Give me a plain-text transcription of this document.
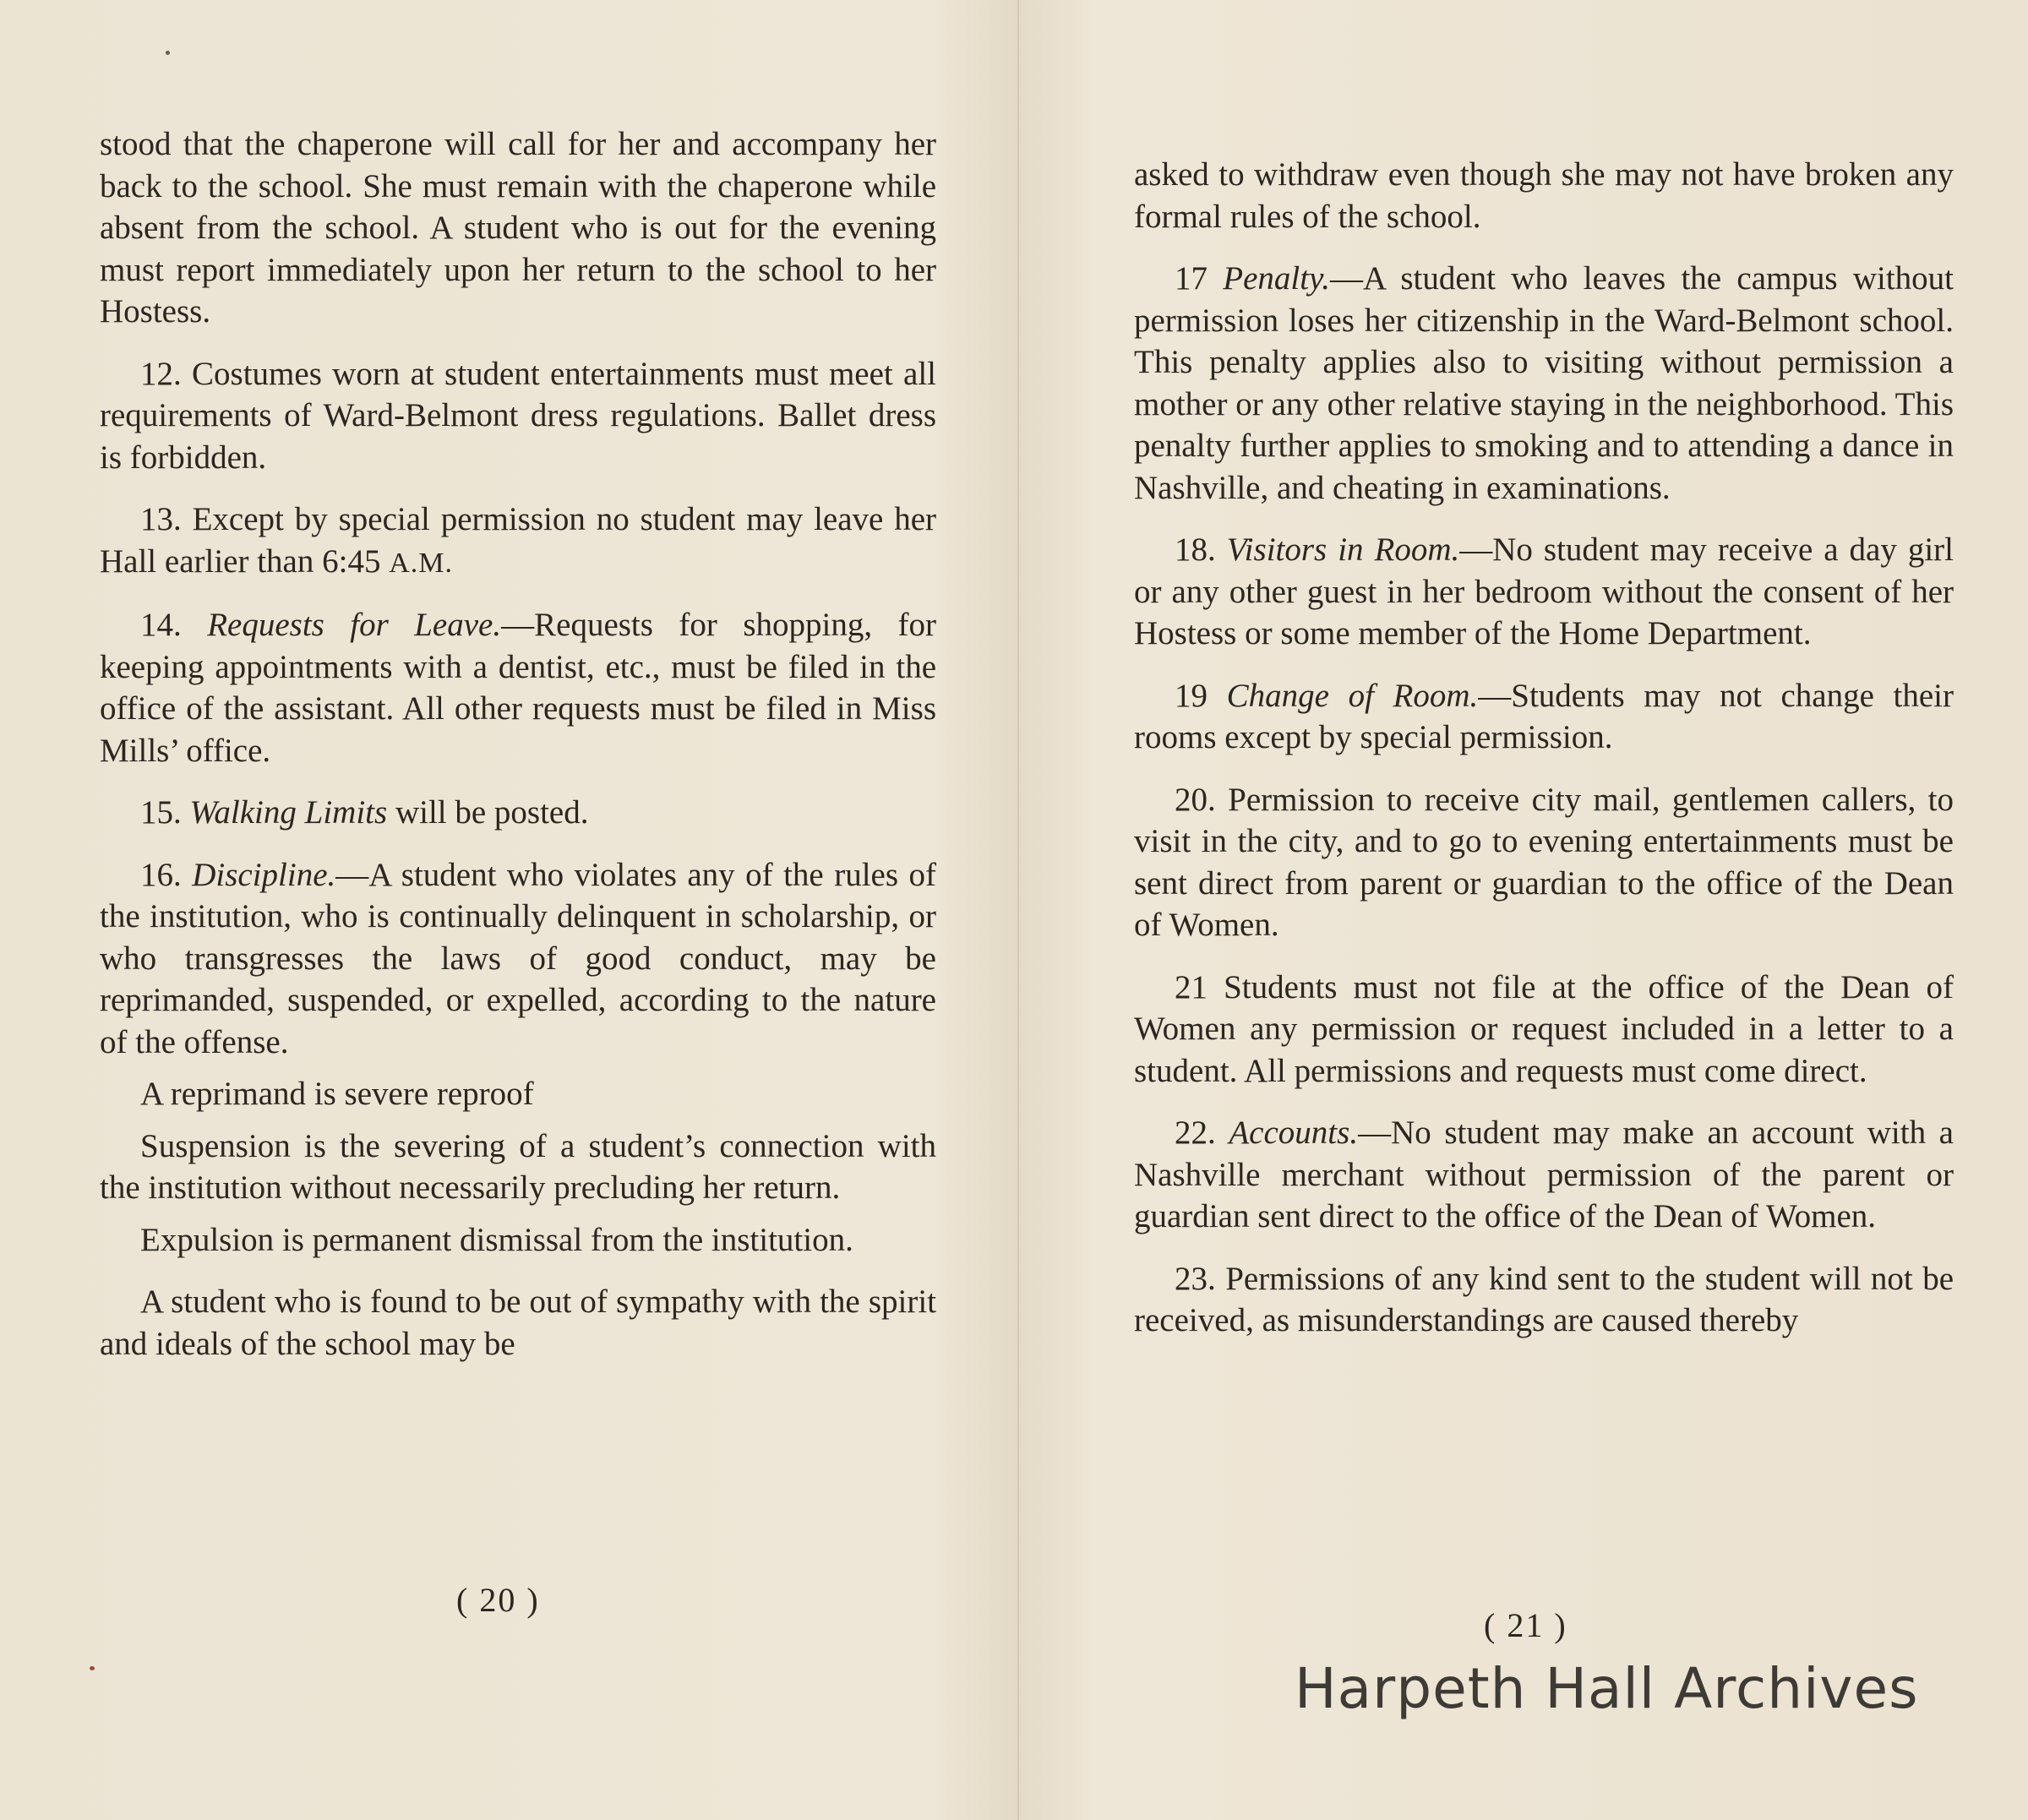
stood that the chaperone will call for her and accompany her back to the school. She must remain with the chaperone while absent from the school. A student who is out for the evening must report immediately upon her return to the school to her Hostess.

12. Costumes worn at student entertainments must meet all requirements of Ward-Belmont dress regulations. Ballet dress is forbidden.

13. Except by special permission no student may leave her Hall earlier than 6:45 A.M.

14. Requests for Leave.—Requests for shopping, for keeping appointments with a dentist, etc., must be filed in the office of the assistant. All other requests must be filed in Miss Mills’ office.

15. Walking Limits will be posted.

16. Discipline.—A student who violates any of the rules of the institution, who is continually delinquent in scholarship, or who transgresses the laws of good conduct, may be reprimanded, suspended, or expelled, according to the nature of the offense.

A reprimand is severe reproof

Suspension is the severing of a student’s connection with the institution without necessarily precluding her return.

Expulsion is permanent dismissal from the institution.

A student who is found to be out of sympathy with the spirit and ideals of the school may be

( 20 )

asked to withdraw even though she may not have broken any formal rules of the school.

17 Penalty.—A student who leaves the campus without permission loses her citizenship in the Ward-Belmont school. This penalty applies also to visiting without permission a mother or any other relative staying in the neighborhood. This penalty further applies to smoking and to attending a dance in Nashville, and cheating in examinations.

18. Visitors in Room.—No student may receive a day girl or any other guest in her bedroom without the consent of her Hostess or some member of the Home Department.

19 Change of Room.—Students may not change their rooms except by special permission.

20. Permission to receive city mail, gentlemen callers, to visit in the city, and to go to evening entertainments must be sent direct from parent or guardian to the office of the Dean of Women.

21 Students must not file at the office of the Dean of Women any permission or request included in a letter to a student. All permissions and requests must come direct.

22. Accounts.—No student may make an account with a Nashville merchant without permission of the parent or guardian sent direct to the office of the Dean of Women.

23. Permissions of any kind sent to the student will not be received, as misunderstandings are caused thereby

( 21 )
Harpeth Hall Archives
